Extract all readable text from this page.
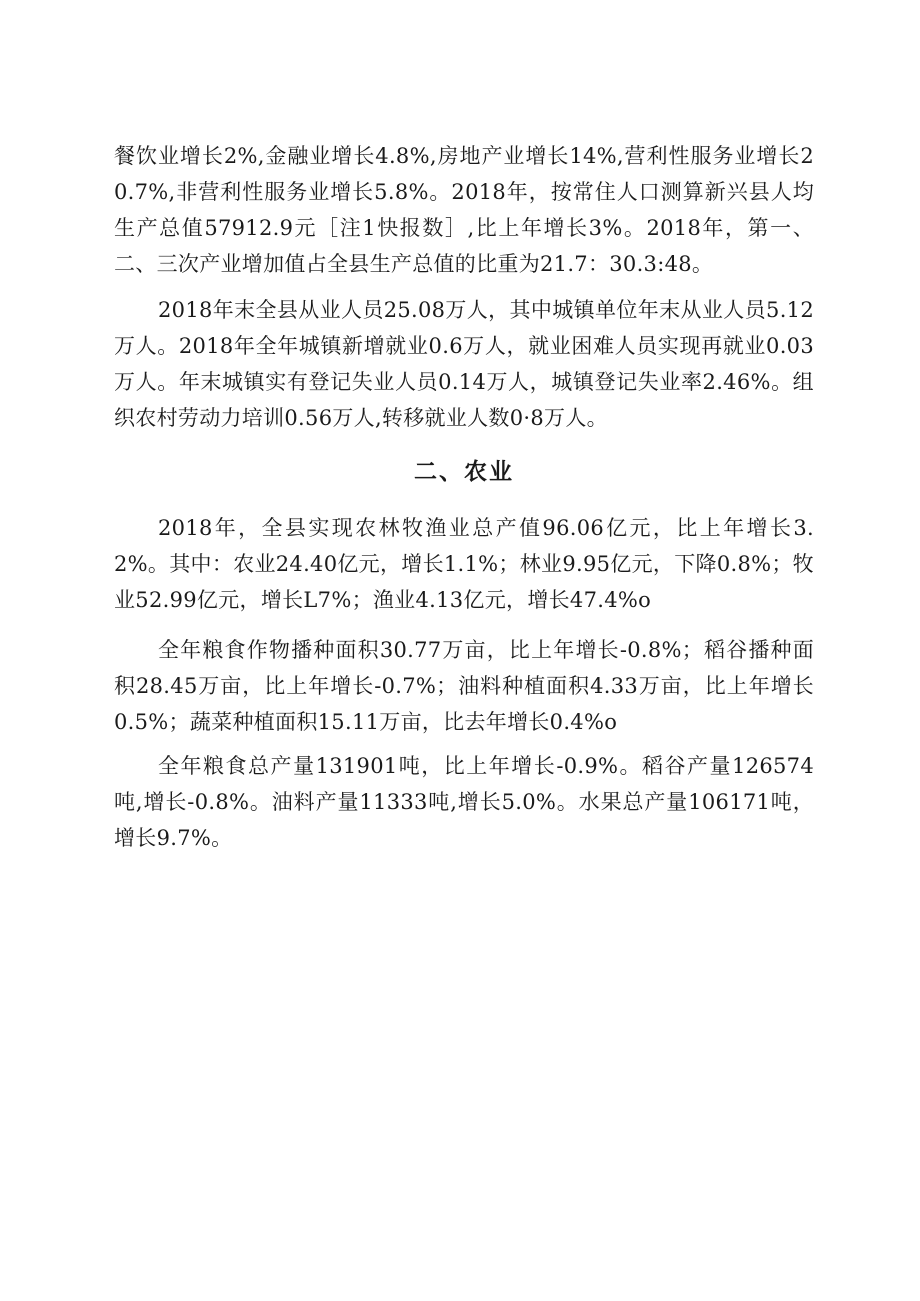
餐饮业增长2%,金融业增长4.8%,房地产业增长14%,营利性服务业增长20.7%,非营利性服务业增长5.8%。2018年，按常住人口测算新兴县人均生产总值57912.9元［注1快报数］,比上年增长3%。2018年，第一、二、三次产业增加值占全县生产总值的比重为21.7：30.3:48。

2018年末全县从业人员25.08万人，其中城镇单位年末从业人员5.12万人。2018年全年城镇新增就业0.6万人，就业困难人员实现再就业0.03万人。年末城镇实有登记失业人员0.14万人，城镇登记失业率2.46%。组织农村劳动力培训0.56万人,转移就业人数0·8万人。

二、农业

2018年，全县实现农林牧渔业总产值96.06亿元，比上年增长3.2%。其中：农业24.40亿元，增长1.1%；林业9.95亿元，下降0.8%；牧业52.99亿元，增长L7%；渔业4.13亿元，增长47.4%o

全年粮食作物播种面积30.77万亩，比上年增长-0.8%；稻谷播种面积28.45万亩，比上年增长-0.7%；油料种植面积4.33万亩，比上年增长0.5%；蔬菜种植面积15.11万亩，比去年增长0.4%o

全年粮食总产量131901吨，比上年增长-0.9%。稻谷产量126574吨,增长-0.8%。油料产量11333吨,增长5.0%。水果总产量106171吨，增长9.7%。
